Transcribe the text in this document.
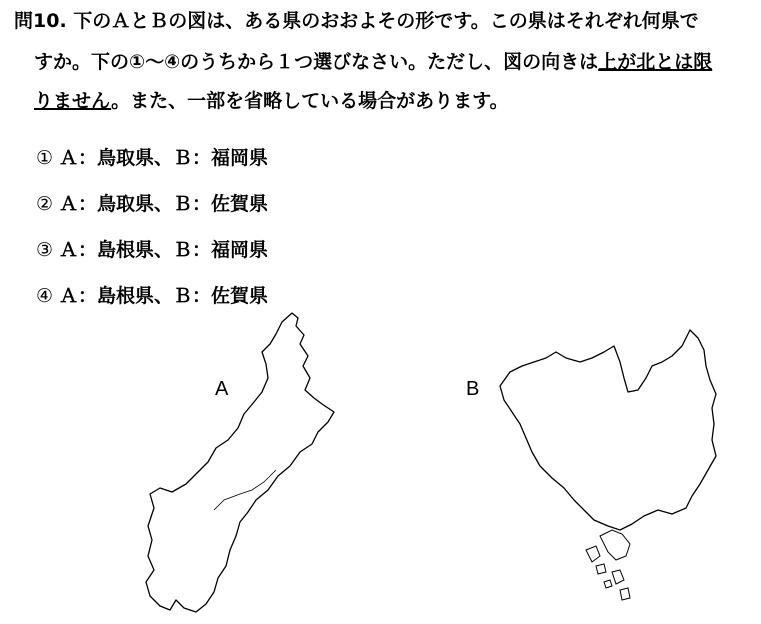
問10. 下のＡとＢの図は、ある県のおおよその形です。この県はそれぞれ何県で
すか。下の①～④のうちから１つ選びなさい。ただし、図の向きは上が北とは限
りません。また、一部を省略している場合があります。
① Ａ：鳥取県、Ｂ：福岡県
② Ａ：鳥取県、Ｂ：佐賀県
③ Ａ：島根県、Ｂ：福岡県
④ Ａ：島根県、Ｂ：佐賀県
A	B
